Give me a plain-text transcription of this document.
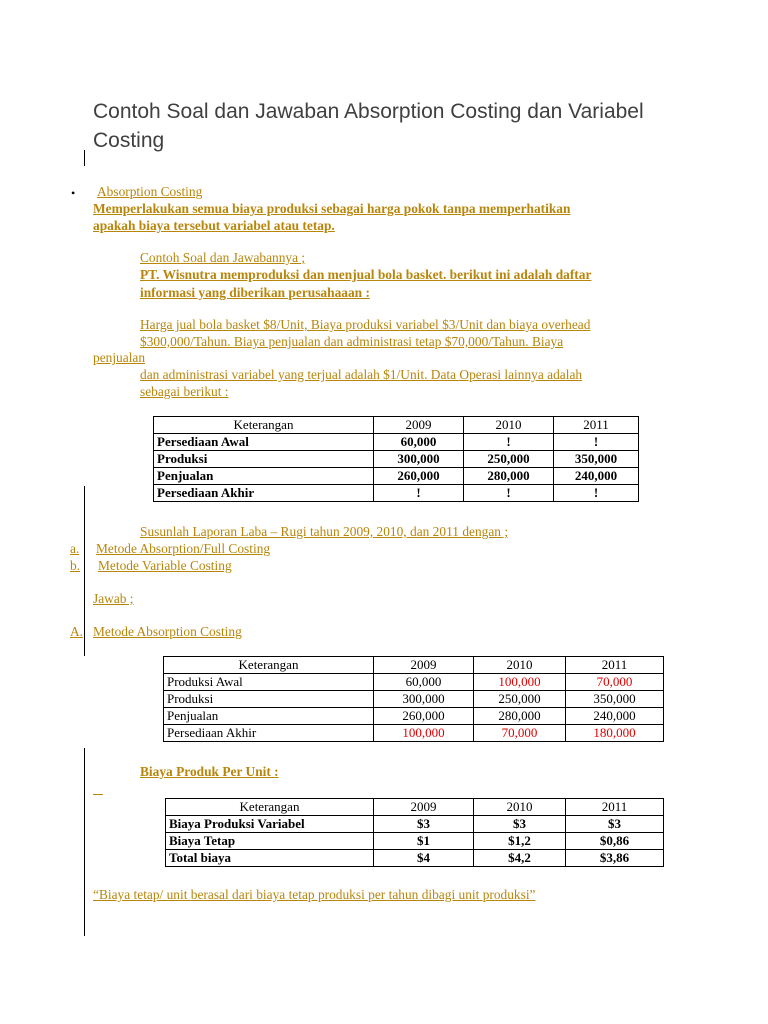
Contoh Soal dan Jawaban Absorption Costing dan Variabel Costing
• Absorption Costing
Memperlakukan semua biaya produksi sebagai harga pokok tanpa memperhatikan
apakah biaya tersebut variabel atau tetap.
Contoh Soal dan Jawabannya ;
PT. Wisnutra memproduksi dan menjual bola basket. berikut ini adalah daftar
informasi yang diberikan perusahaaan :
Harga jual bola basket $8/Unit, Biaya produksi variabel $3/Unit dan biaya overhead
$300,000/Tahun. Biaya penjualan dan administrasi tetap $70,000/Tahun. Biaya
penjualan
dan administrasi variabel yang terjual adalah $1/Unit. Data Operasi lainnya adalah
sebagai berikut :
Keterangan	2009	2010	2011
Persediaan Awal	60,000	!	!
Produksi	300,000	250,000	350,000
Penjualan	260,000	280,000	240,000
Persediaan Akhir	!	!	!
Susunlah Laporan Laba – Rugi tahun 2009, 2010, dan 2011 dengan ;
a. Metode Absorption/Full Costing
b. Metode Variable Costing
Jawab ;
A. Metode Absorption Costing
Keterangan	2009	2010	2011
Produksi Awal	60,000	100,000	70,000
Produksi	300,000	250,000	350,000
Penjualan	260,000	280,000	240,000
Persediaan Akhir	100,000	70,000	180,000
Biaya Produk Per Unit :

Keterangan	2009	2010	2011
Biaya Produksi Variabel	$3	$3	$3
Biaya Tetap	$1	$1,2	$0,86
Total biaya	$4	$4,2	$3,86
“Biaya tetap/ unit berasal dari biaya tetap produksi per tahun dibagi unit produksi”
